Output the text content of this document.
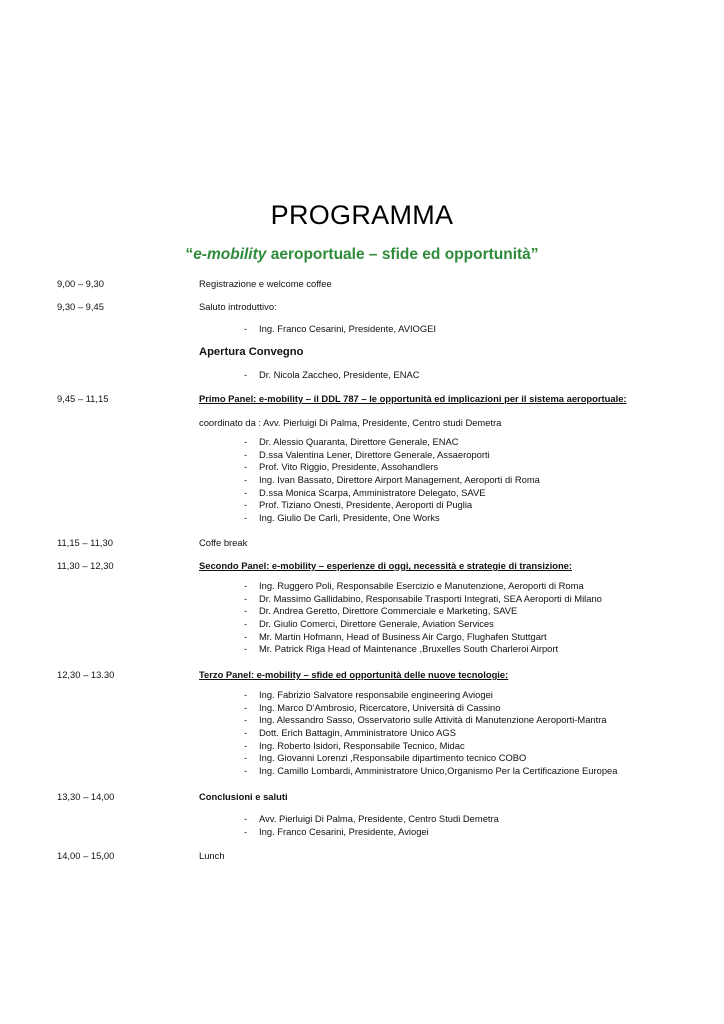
PROGRAMMA
“e-mobility aeroportuale – sfide ed opportunità”
9,00 – 9,30	Registrazione e welcome coffee
9,30 – 9,45	Saluto introduttivo:
- Ing. Franco Cesarini, Presidente, AVIOGEI
Apertura Convegno
- Dr. Nicola Zaccheo, Presidente, ENAC
9,45 – 11,15	Primo Panel: e-mobility – il DDL 787 – le opportunità ed implicazioni per il sistema aeroportuale:
coordinato da : Avv. Pierluigi Di Palma, Presidente, Centro studi Demetra
- Dr. Alessio Quaranta, Direttore Generale, ENAC
- D.ssa Valentina Lener, Direttore Generale, Assaeroporti
- Prof. Vito Riggio, Presidente, Assohandlers
- Ing. Ivan Bassato, Direttore Airport Management, Aeroporti di Roma
- D.ssa Monica Scarpa, Amministratore Delegato, SAVE
- Prof. Tiziano Onesti, Presidente, Aeroporti di Puglia
- Ing. Giulio De Carli, Presidente, One Works
11,15 – 11,30	Coffe break
11,30 – 12,30	Secondo Panel: e-mobility – esperienze di oggi, necessità e strategie di transizione:
- Ing. Ruggero Poli, Responsabile Esercizio e Manutenzione, Aeroporti di Roma
- Dr. Massimo Gallidabino, Responsabile Trasporti Integrati, SEA Aeroporti di Milano
- Dr. Andrea Geretto, Direttore Commerciale e Marketing, SAVE
- Dr. Giulio Comerci, Direttore Generale, Aviation Services
- Mr. Martin Hofmann, Head of Business Air Cargo, Flughafen Stuttgart
- Mr. Patrick Riga Head of Maintenance ,Bruxelles South Charleroi Airport
12,30 – 13.30	Terzo Panel: e-mobility – sfide ed opportunità delle nuove tecnologie:
- Ing. Fabrizio Salvatore responsabile engineering Aviogei
- Ing. Marco D'Ambrosio, Ricercatore, Università di Cassino
- Ing. Alessandro Sasso, Osservatorio sulle Attività di Manutenzione Aeroporti-Mantra
- Dott. Erich Battagin, Amministratore Unico AGS
- Ing. Roberto Isidori, Responsabile Tecnico, Midac
- Ing. Giovanni Lorenzi ,Responsabile dipartimento tecnico COBO
- Ing. Camillo Lombardi, Amministratore Unico,Organismo Per la Certificazione Europea
13,30 – 14,00	Conclusioni e saluti
- Avv. Pierluigi Di Palma, Presidente, Centro Studi Demetra
- Ing. Franco Cesarini, Presidente, Aviogei
14,00 – 15,00	Lunch
